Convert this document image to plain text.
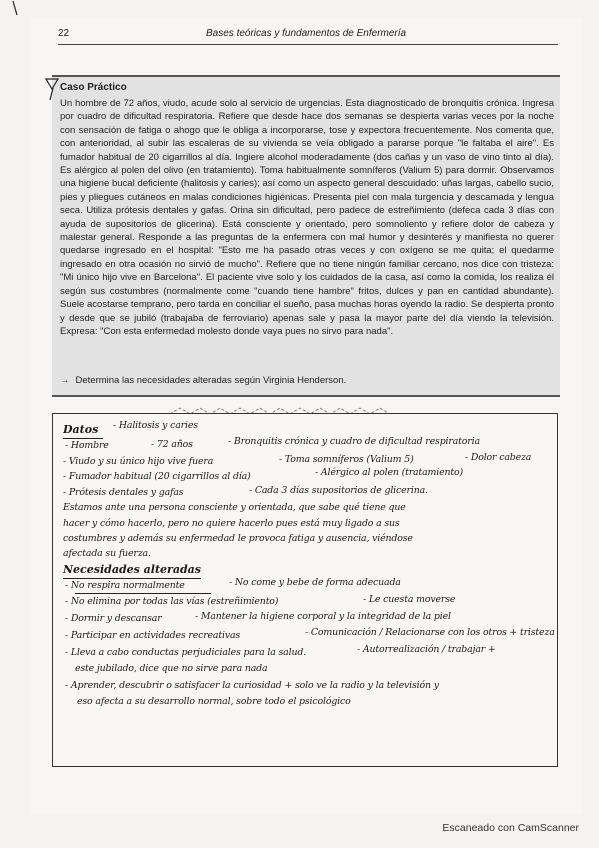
22	Bases teóricas y fundamentos de Enfermería
Caso Práctico

Un hombre de 72 años, viudo, acude solo al servicio de urgencias. Esta diagnosticado de bronquitis crónica. Ingresa por cuadro de dificultad respiratoria. Refiere que desde hace dos semanas se despierta varias veces por la noche con sensación de fatiga o ahogo que le obliga a incorporarse, tose y expectora frecuentemente. Nos comenta que, con anterioridad, al subir las escaleras de su vivienda se veía obligado a pararse porque "le faltaba el aire". Es fumador habitual de 20 cigarrillos al día. Ingiere alcohol moderadamente (dos cañas y un vaso de vino tinto al día). Es alérgico al polen del olivo (en tratamiento). Toma habitualmente somníferos (Valium 5) para dormir. Observamos una higiene bucal deficiente (halitosis y caries); así como un aspecto general descuidado: uñas largas, cabello sucio, pies y pliegues cutáneos en malas condiciones higiénicas. Presenta piel con mala turgencia y descamada y lengua seca. Utiliza prótesis dentales y gafas. Orina sin dificultad, pero padece de estreñimiento (defeca cada 3 días con ayuda de supositorios de glicerina). Está consciente y orientado, pero somnoliento y refiere dolor de cabeza y malestar general. Responde a las preguntas de la enfermera con mal humor y desinterés y manifiesta no querer quedarse ingresado en el hospital: "Esto me ha pasado otras veces y con oxígeno se me quita; el quedarme ingresado en otra ocasión no sirvió de mucho". Refiere que no tiene ningún familiar cercano, nos dice con tristeza: "Mi único hijo vive en Barcelona". El paciente vive solo y los cuidados de la casa, así como la comida, los realiza él según sus costumbres (normalmente come "cuando tiene hambre" fritos, dulces y pan en cantidad abundante). Suele acostarse temprano, pero tarda en conciliar el sueño, pasa muchas horas oyendo la radio. Se despierta pronto y desde que se jubiló (trabajaba de ferroviario) apenas sale y pasa la mayor parte del día viendo la televisión. Expresa: "Con esta enfermedad molesto donde vaya pues no sirvo para nada".

→ Determina las necesidades alteradas según Virginia Henderson.
Datos - Halitosis y caries
- Hombre	- 72 años	- Bronquitis crónica y cuadro de dificultad respiratoria
- Viudo y su único hijo vive fuera	- Toma somníferos (Valium 5)	- Dolor cabeza
- Fumador habitual (20 cigarrillos al día)	- Alérgico al polen (tratamiento)
- Prótesis dentales y gafas	- Cada 3 días supositorios de glicerina.
Estamos ante una persona consciente y orientada, que sabe qué tiene que
hacer y cómo hacerlo, pero no quiere hacerlo pues está muy ligado a sus
costumbres y además su enfermedad le provoca fatiga y ausencia, viéndose
afectada su fuerza.
Necesidades alteradas
- No respira normalmente	- No come y bebe de forma adecuada
- No elimina por todas las vías (estreñimiento)	- Le cuesta moverse
- Dormir y descansar	- Mantener la higiene corporal y la integridad de la piel
- Participar en actividades recreativas	- Comunicación / Relacionarse con los otros + tristeza
- Lleva a cabo conductas perjudiciales para la salud.	- Autorrealización / trabajar +
este jubilado, dice que no sirve para nada
- Aprender, descubrir o satisfacer la curiosidad + solo ve la radio y la televisión y
eso afecta a su desarrollo normal, sobre todo el psicológico
Escaneado con CamScanner
